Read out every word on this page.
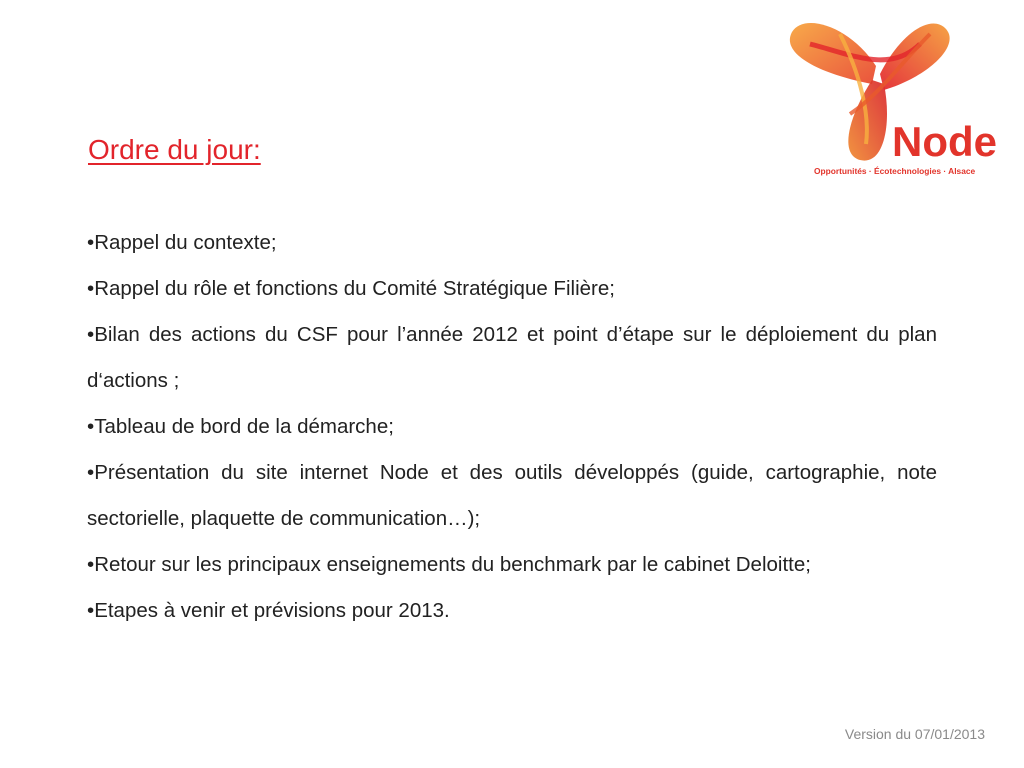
Node
Opportunités · Écotechnologies · Alsace
Ordre du jour:
•Rappel du contexte;
•Rappel du rôle et fonctions du Comité Stratégique Filière;
•Bilan des actions du CSF pour l’année 2012 et point d’étape sur le déploiement du plan d‘actions ;
•Tableau de bord de la démarche;
•Présentation du site internet Node et des outils développés (guide, cartographie, note sectorielle, plaquette de communication…);
•Retour sur les principaux enseignements du benchmark par le cabinet Deloitte;
•Etapes à venir et prévisions pour 2013.
Version du 07/01/2013
